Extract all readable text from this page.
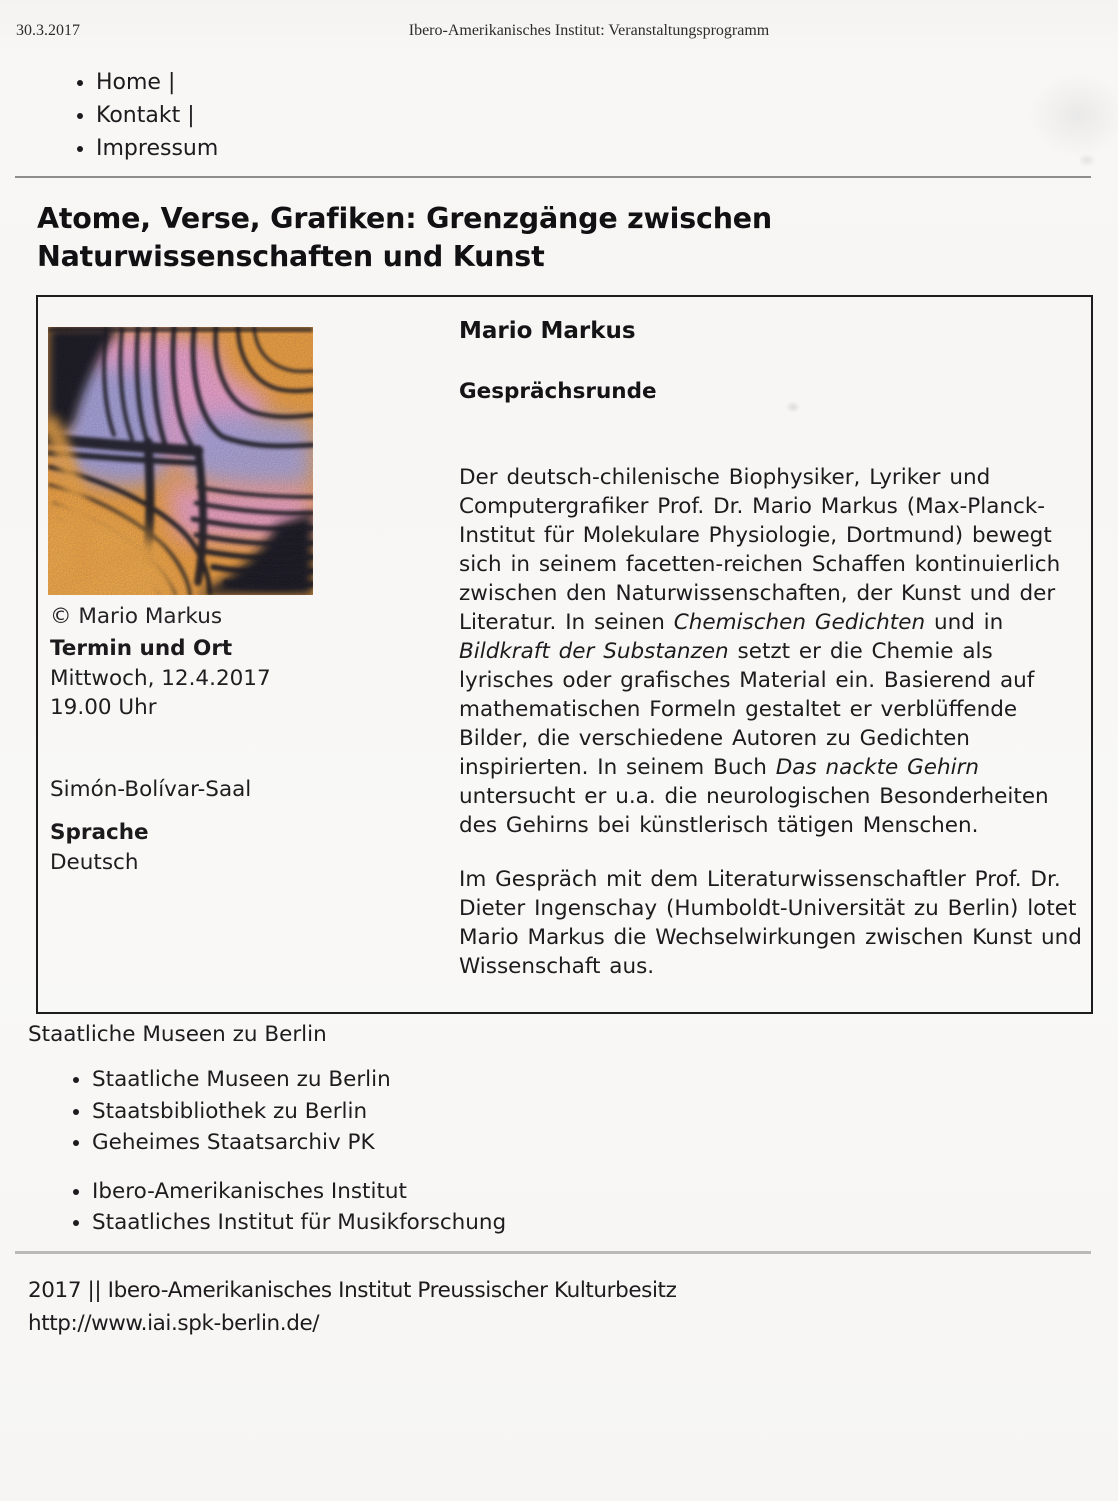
30.3.2017	Ibero-Amerikanisches Institut: Veranstaltungsprogramm
• Home |
• Kontakt |
• Impressum
Atome, Verse, Grafiken: Grenzgänge zwischen
Naturwissenschaften und Kunst
© Mario Markus
Termin und Ort
Mittwoch, 12.4.2017
19.00 Uhr
Simón-Bolívar-Saal
Sprache
Deutsch
Mario Markus
Gesprächsrunde

Der deutsch-chilenische Biophysiker, Lyriker und Computergrafiker Prof. Dr. Mario Markus (Max-Planck-Institut für Molekulare Physiologie, Dortmund) bewegt sich in seinem facetten-reichen Schaffen kontinuierlich zwischen den Naturwissenschaften, der Kunst und der Literatur. In seinen Chemischen Gedichten und in Bildkraft der Substanzen setzt er die Chemie als lyrisches oder grafisches Material ein. Basierend auf mathematischen Formeln gestaltet er verblüffende Bilder, die verschiedene Autoren zu Gedichten inspirierten. In seinem Buch Das nackte Gehirn untersucht er u.a. die neurologischen Besonderheiten des Gehirns bei künstlerisch tätigen Menschen.

Im Gespräch mit dem Literaturwissenschaftler Prof. Dr. Dieter Ingenschay (Humboldt-Universität zu Berlin) lotet Mario Markus die Wechselwirkungen zwischen Kunst und Wissenschaft aus.

Staatliche Museen zu Berlin
• Staatliche Museen zu Berlin
• Staatsbibliothek zu Berlin
• Geheimes Staatsarchiv PK
• Ibero-Amerikanisches Institut
• Staatliches Institut für Musikforschung
2017 || Ibero-Amerikanisches Institut Preussischer Kulturbesitz
http://www.iai.spk-berlin.de/
